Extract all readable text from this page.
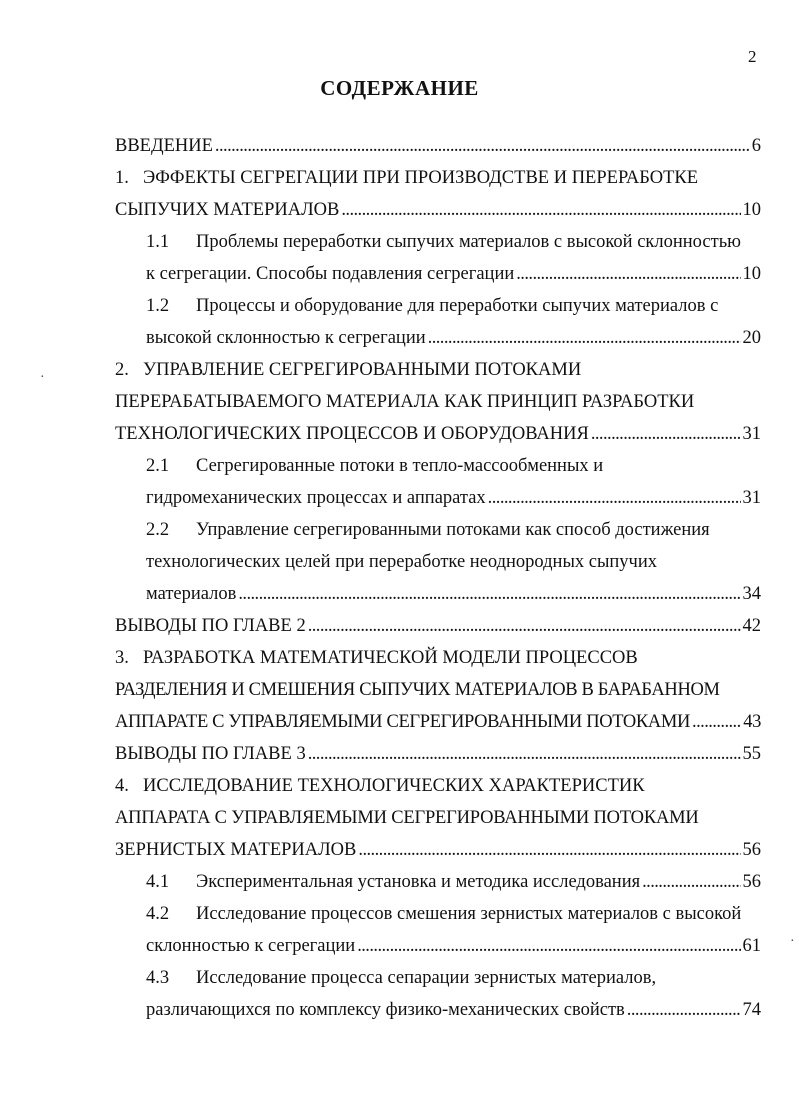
2
СОДЕРЖАНИЕ
·
·
ВВЕДЕНИЕ . . .	6
1. ЭФФЕКТЫ СЕГРЕГАЦИИ ПРИ ПРОИЗВОДСТВЕ И ПЕРЕРАБОТКЕ
СЫПУЧИХ МАТЕРИАЛОВ . . .	10
1.1 Проблемы переработки сыпучих материалов с высокой склонностью
к сегрегации. Способы подавления сегрегации . . .	10
1.2 Процессы и оборудование для переработки сыпучих материалов с
высокой склонностью к сегрегации . . .	20
2. УПРАВЛЕНИЕ СЕГРЕГИРОВАННЫМИ ПОТОКАМИ
ПЕРЕРАБАТЫВАЕМОГО МАТЕРИАЛА КАК ПРИНЦИП РАЗРАБОТКИ
ТЕХНОЛОГИЧЕСКИХ ПРОЦЕССОВ И ОБОРУДОВАНИЯ . . .	31
2.1 Сегрегированные потоки в тепло-массообменных и
гидромеханических процессах и аппаратах . . .	31
2.2 Управление сегрегированными потоками как способ достижения
технологических целей при переработке неоднородных сыпучих
материалов . . .	34
ВЫВОДЫ ПО ГЛАВЕ 2 . . .	42
3. РАЗРАБОТКА МАТЕМАТИЧЕСКОЙ МОДЕЛИ ПРОЦЕССОВ
РАЗДЕЛЕНИЯ И СМЕШЕНИЯ СЫПУЧИХ МАТЕРИАЛОВ В БАРАБАННОМ
АППАРАТЕ С УПРАВЛЯЕМЫМИ СЕГРЕГИРОВАННЫМИ ПОТОКАМИ . . .	43
ВЫВОДЫ ПО ГЛАВЕ 3 . . .	55
4. ИССЛЕДОВАНИЕ ТЕХНОЛОГИЧЕСКИХ ХАРАКТЕРИСТИК
АППАРАТА С УПРАВЛЯЕМЫМИ СЕГРЕГИРОВАННЫМИ ПОТОКАМИ
ЗЕРНИСТЫХ МАТЕРИАЛОВ . . .	56
4.1 Экспериментальная установка и методика исследования . . .	56
4.2 Исследование процессов смешения зернистых материалов с высокой
склонностью к сегрегации . . .	61
4.3 Исследование процесса сепарации зернистых материалов,
различающихся по комплексу физико-механических свойств . . .	74
